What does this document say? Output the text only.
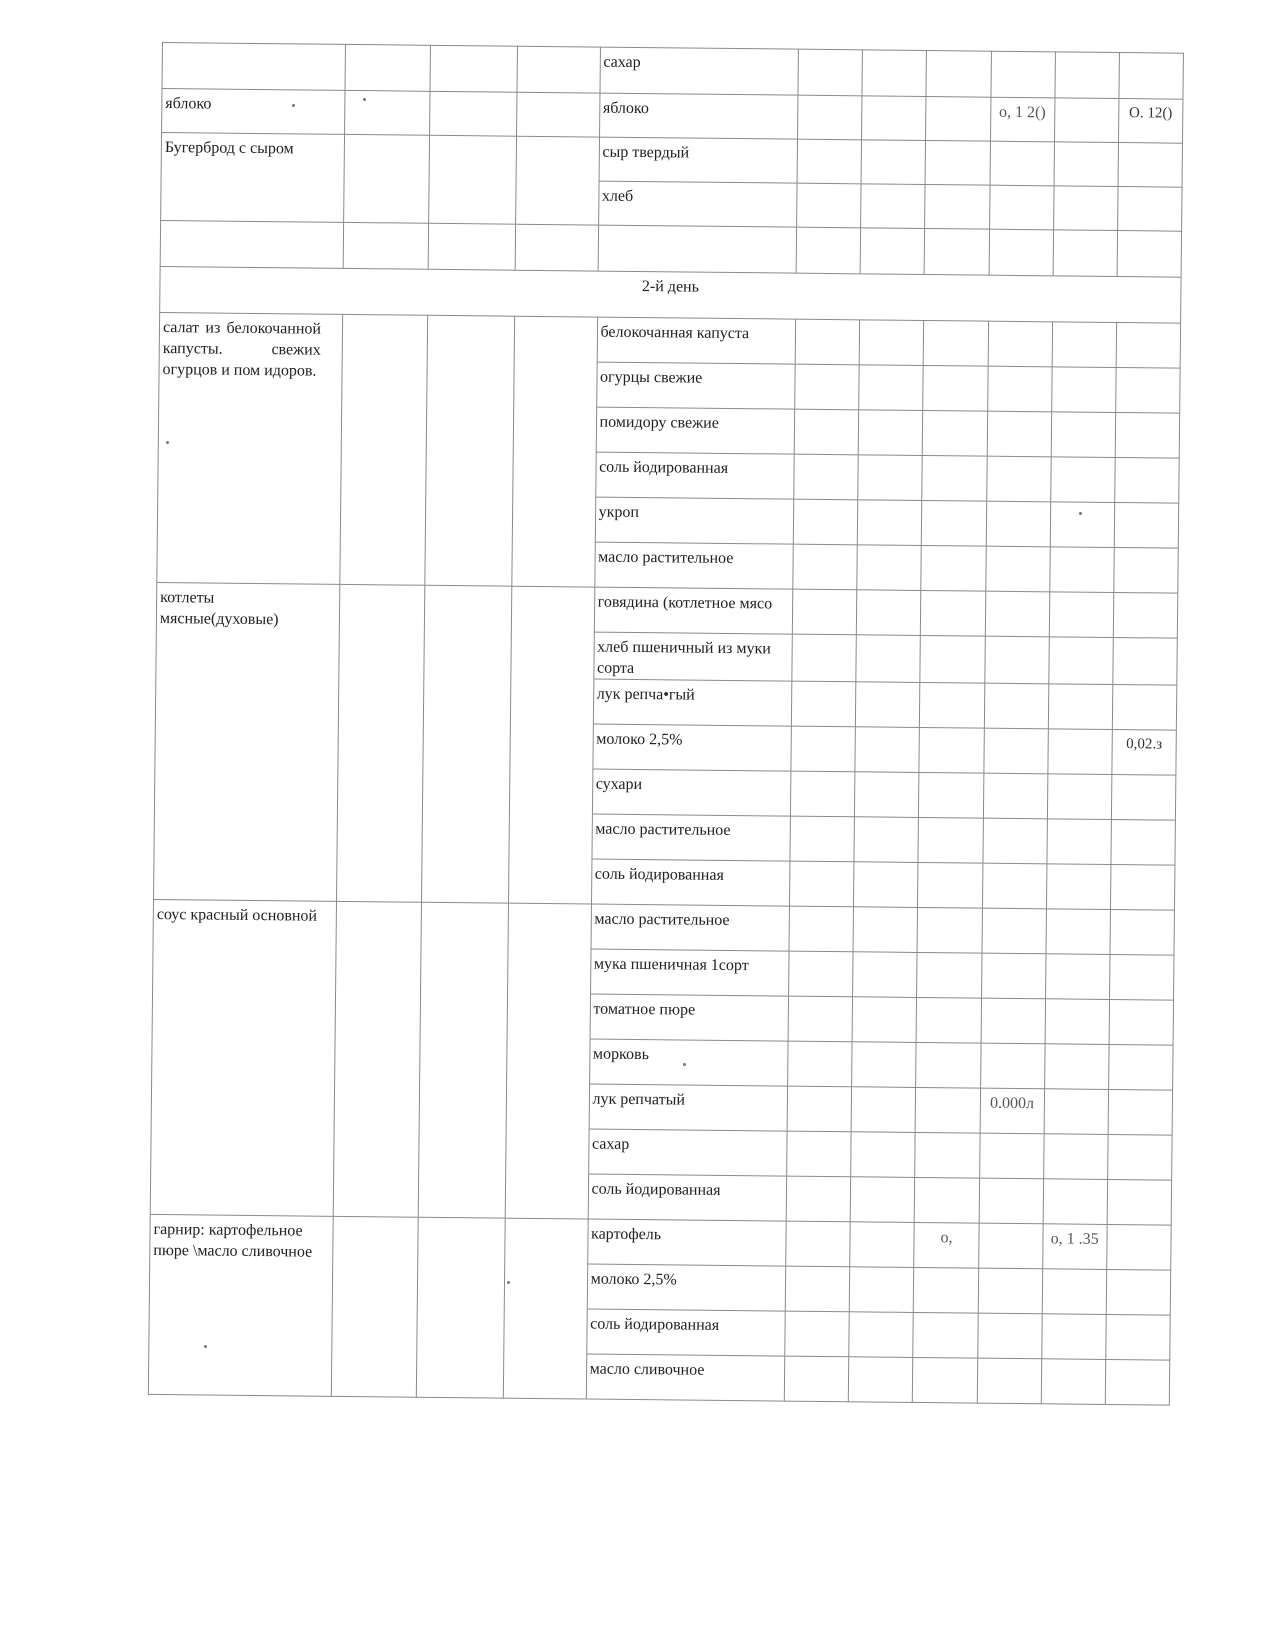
				сахар						
яблоко				яблоко				о, 1 2()		О. 12()
Бугерброд с сыром				сыр твердый						
				хлеб						

2-й день										

салат из белокочанной капусты. свежих огурцов и пом идоров.				белокочанная капуста						
				огурцы свежие						
				помидору свежие						
				соль йодированная						
				укроп						
				масло растительное						

котлеты мясные(духовые)				говядина (котлетное мясо						
				хлеб пшеничный из муки сорта						
				лук репча•гый						
				молоко 2,5%						0,02.з
				сухари						
				масло растительное						
				соль йодированная						

соус красный основной				масло растительное						
				мука пшеничная 1сорт						
				томатное пюре						
				морковь						
				лук репчатый				0.000л		
				сахар						
				соль йодированная						

гарнир: картофельное пюре \масло сливочное				картофель			о,		о, 1 .35	
				молоко 2,5%						
				соль йодированная						
				масло сливочное						
